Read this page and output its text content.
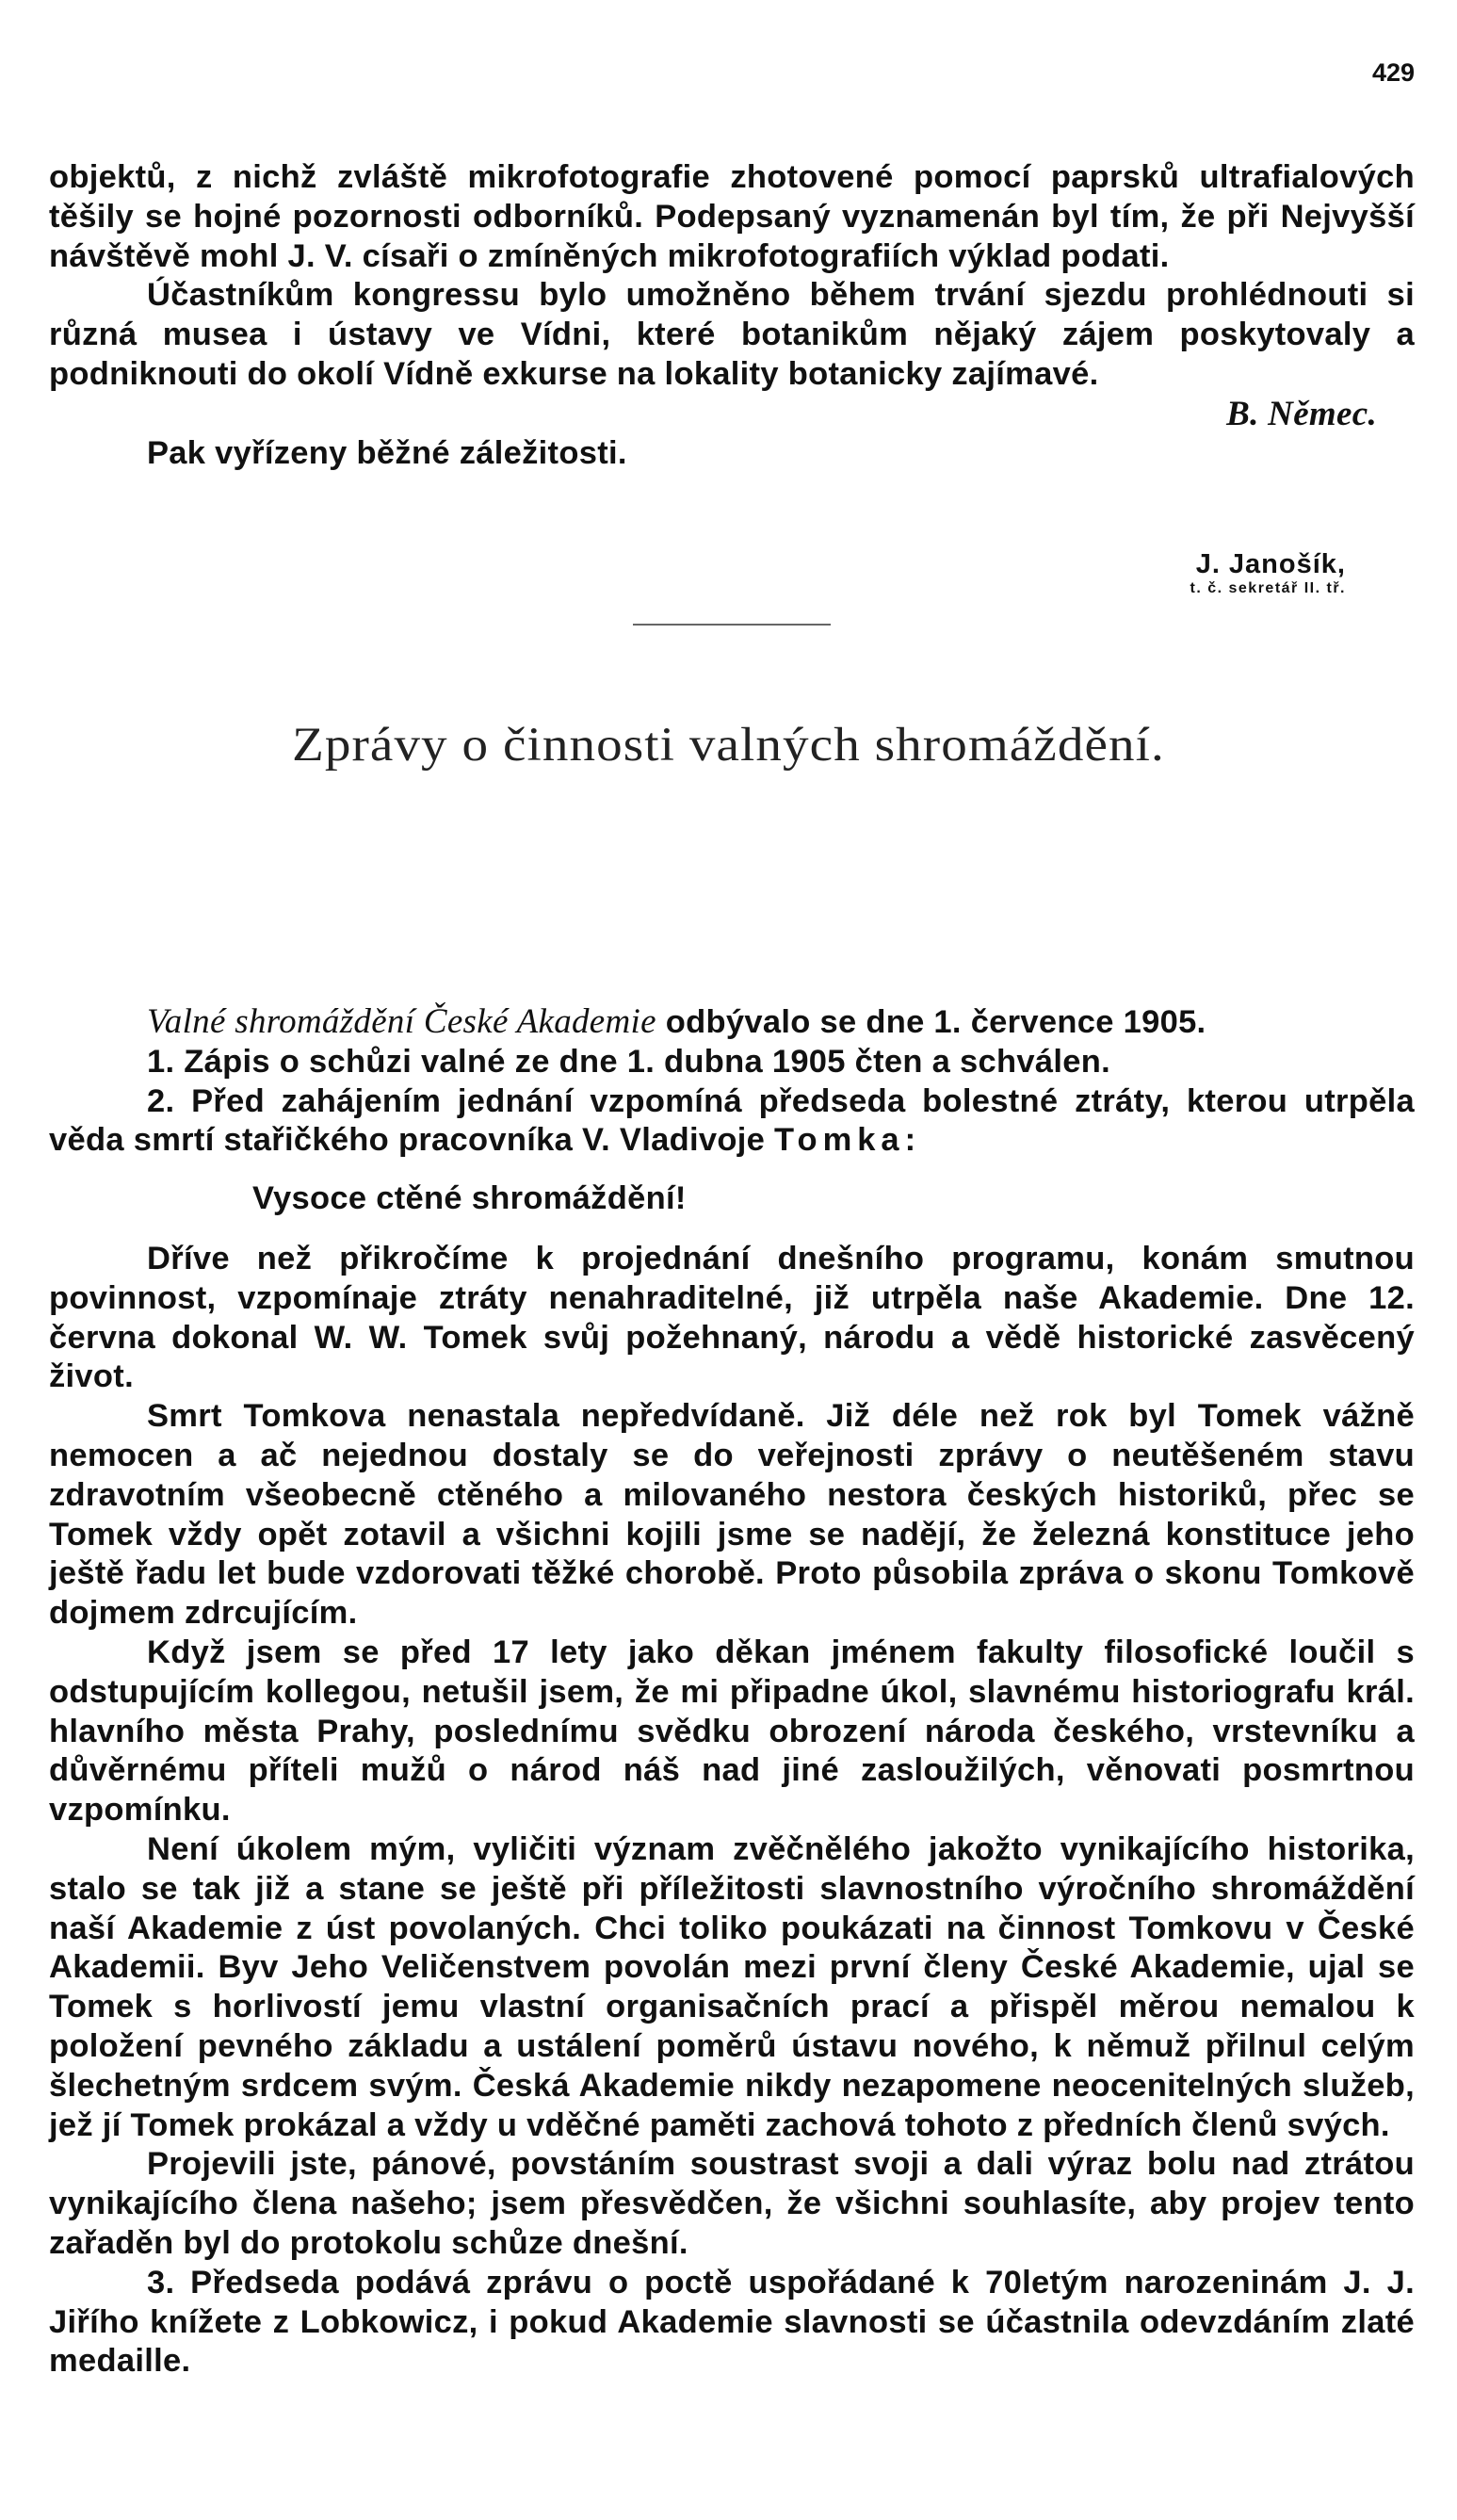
429

objektů, z nichž zvláště mikrofotografie zhotovené pomocí paprsků ultrafialových těšily se hojné pozornosti odborníků. Podepsaný vyznamenán byl tím, že při Nejvyšší návštěvě mohl J. V. císaři o zmíněných mikrofotografiích výklad podati.

Účastníkům kongressu bylo umožněno během trvání sjezdu prohlédnouti si různá musea i ústavy ve Vídni, které botanikům nějaký zájem poskytovaly a podniknouti do okolí Vídně exkurse na lokality botanicky zajímavé.

B. Němec.

Pak vyřízeny běžné záležitosti.

J. Janošík,
t. č. sekretář II. tř.
Zprávy o činnosti valných shromáždění.

Valné shromáždění České Akademie odbývalo se dne 1. července 1905.

1. Zápis o schůzi valné ze dne 1. dubna 1905 čten a schválen.

2. Před zahájením jednání vzpomíná předseda bolestné ztráty, kterou utrpěla věda smrtí stařičkého pracovníka V. Vladivoje Tomka:

Vysoce ctěné shromáždění!

Dříve než přikročíme k projednání dnešního programu, konám smutnou povinnost, vzpomínaje ztráty nenahraditelné, již utrpěla naše Akademie. Dne 12. června dokonal W. W. Tomek svůj požehnaný, národu a vědě historické zasvěcený život.

Smrt Tomkova nenastala nepředvídaně. Již déle než rok byl Tomek vážně nemocen a ač nejednou dostaly se do veřejnosti zprávy o neutěšeném stavu zdravotním všeobecně ctěného a milovaného nestora českých historiků, přec se Tomek vždy opět zotavil a všichni kojili jsme se nadějí, že železná konstituce jeho ještě řadu let bude vzdorovati těžké chorobě. Proto působila zpráva o skonu Tomkově dojmem zdrcujícím.

Když jsem se před 17 lety jako děkan jménem fakulty filosofické loučil s odstupujícím kollegou, netušil jsem, že mi připadne úkol, slavnému historiografu král. hlavního města Prahy, poslednímu svědku obrození národa českého, vrstevníku a důvěrnému příteli mužů o národ náš nad jiné zasloužilých, věnovati posmrtnou vzpomínku.

Není úkolem mým, vyličiti význam zvěčnělého jakožto vynikajícího historika, stalo se tak již a stane se ještě při příležitosti slavnostního výročního shromáždění naší Akademie z úst povolaných. Chci toliko poukázati na činnost Tomkovu v České Akademii. Byv Jeho Veličenstvem povolán mezi první členy České Akademie, ujal se Tomek s horlivostí jemu vlastní organisačních prací a přispěl měrou nemalou k položení pevného základu a ustálení poměrů ústavu nového, k němuž přilnul celým šlechetným srdcem svým. Česká Akademie nikdy nezapomene neocenitelných služeb, jež jí Tomek prokázal a vždy u vděčné paměti zachová tohoto z předních členů svých.

Projevili jste, pánové, povstáním soustrast svoji a dali výraz bolu nad ztrátou vynikajícího člena našeho; jsem přesvědčen, že všichni souhlasíte, aby projev tento zařaděn byl do protokolu schůze dnešní.

3. Předseda podává zprávu o poctě uspořádané k 70letým narozeninám J. J. Jiřího knížete z Lobkowicz, i pokud Akademie slavnosti se účastnila odevzdáním zlaté medaille.
